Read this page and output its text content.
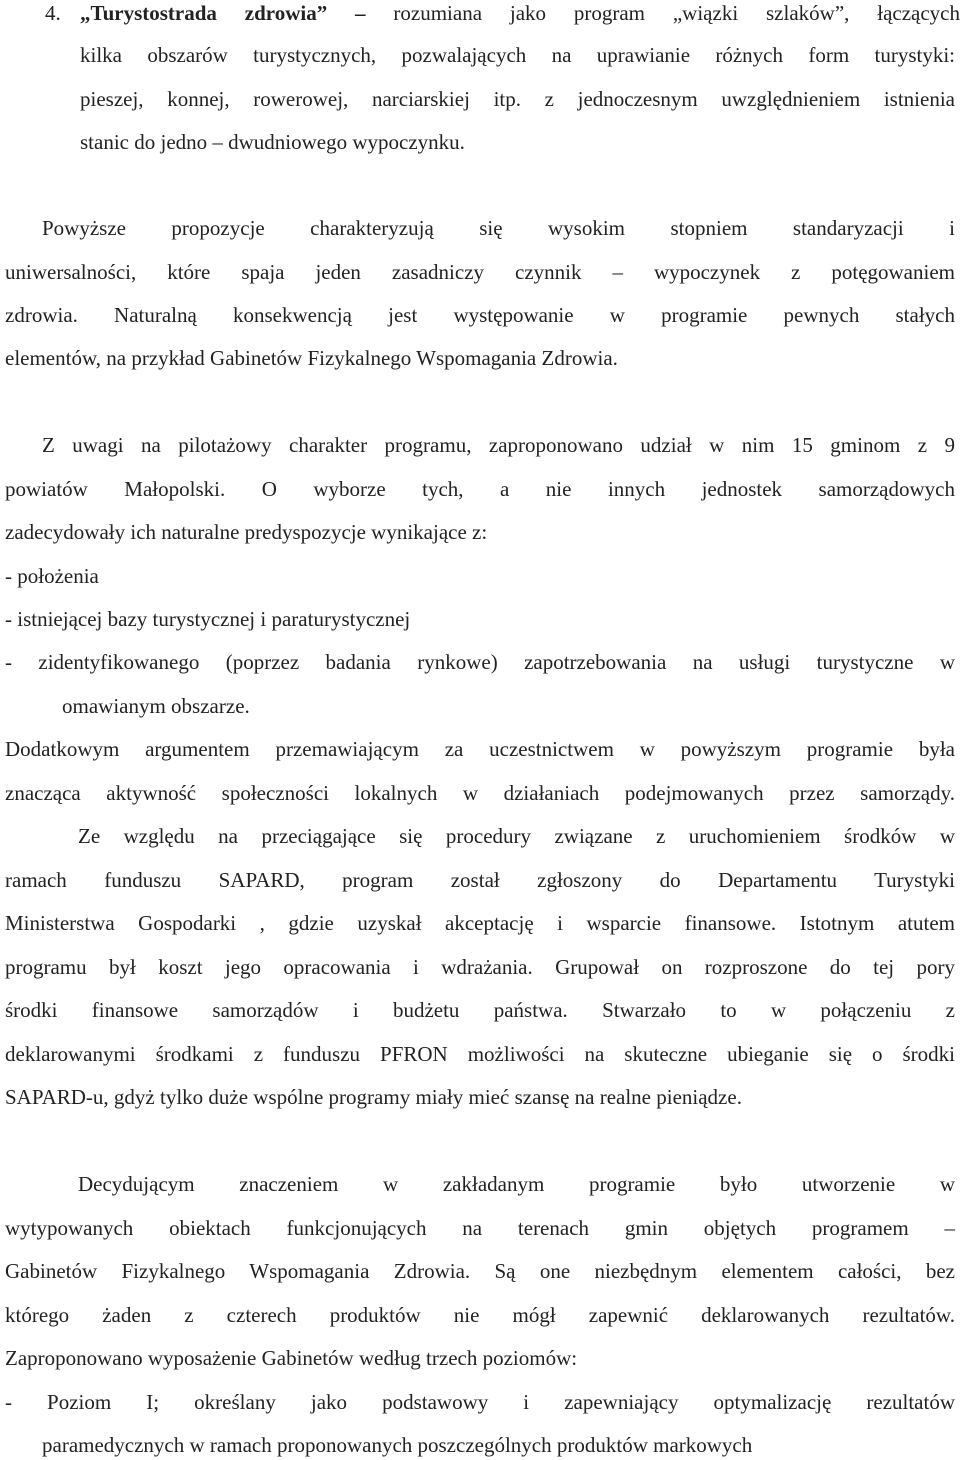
4. „Turystostrada zdrowia” – rozumiana jako program „wiązki szlaków”, łączących
kilka obszarów turystycznych, pozwalających na uprawianie różnych form turystyki:
pieszej, konnej, rowerowej, narciarskiej itp. z jednoczesnym uwzględnieniem istnienia
stanic do jedno – dwudniowego wypoczynku.
Powyższe propozycje charakteryzują się wysokim stopniem standaryzacji i
uniwersalności, które spaja jeden zasadniczy czynnik – wypoczynek z potęgowaniem
zdrowia. Naturalną konsekwencją jest występowanie w programie pewnych stałych
elementów, na przykład Gabinetów Fizykalnego Wspomagania Zdrowia.
Z uwagi na pilotażowy charakter programu, zaproponowano udział w nim 15 gminom z 9
powiatów Małopolski. O wyborze tych, a nie innych jednostek samorządowych
zadecydowały ich naturalne predyspozycje wynikające z:
- położenia
- istniejącej bazy turystycznej i paraturystycznej
- zidentyfikowanego (poprzez badania rynkowe) zapotrzebowania na usługi turystyczne w
omawianym obszarze.
Dodatkowym argumentem przemawiającym za uczestnictwem w powyższym programie była
znacząca aktywność społeczności lokalnych w działaniach podejmowanych przez samorządy.
Ze względu na przeciągające się procedury związane z uruchomieniem środków w
ramach funduszu SAPARD, program został zgłoszony do Departamentu Turystyki
Ministerstwa Gospodarki , gdzie uzyskał akceptację i wsparcie finansowe. Istotnym atutem
programu był koszt jego opracowania i wdrażania. Grupował on rozproszone do tej pory
środki finansowe samorządów i budżetu państwa. Stwarzało to w połączeniu z
deklarowanymi środkami z funduszu PFRON możliwości na skuteczne ubieganie się o środki
SAPARD-u, gdyż tylko duże wspólne programy miały mieć szansę na realne pieniądze.
Decydującym znaczeniem w zakładanym programie było utworzenie w
wytypowanych obiektach funkcjonujących na terenach gmin objętych programem –
Gabinetów Fizykalnego Wspomagania Zdrowia. Są one niezbędnym elementem całości, bez
którego żaden z czterech produktów nie mógł zapewnić deklarowanych rezultatów.
Zaproponowano wyposażenie Gabinetów według trzech poziomów:
- Poziom I; określany jako podstawowy i zapewniający optymalizację rezultatów
paramedycznych w ramach proponowanych poszczególnych produktów markowych
